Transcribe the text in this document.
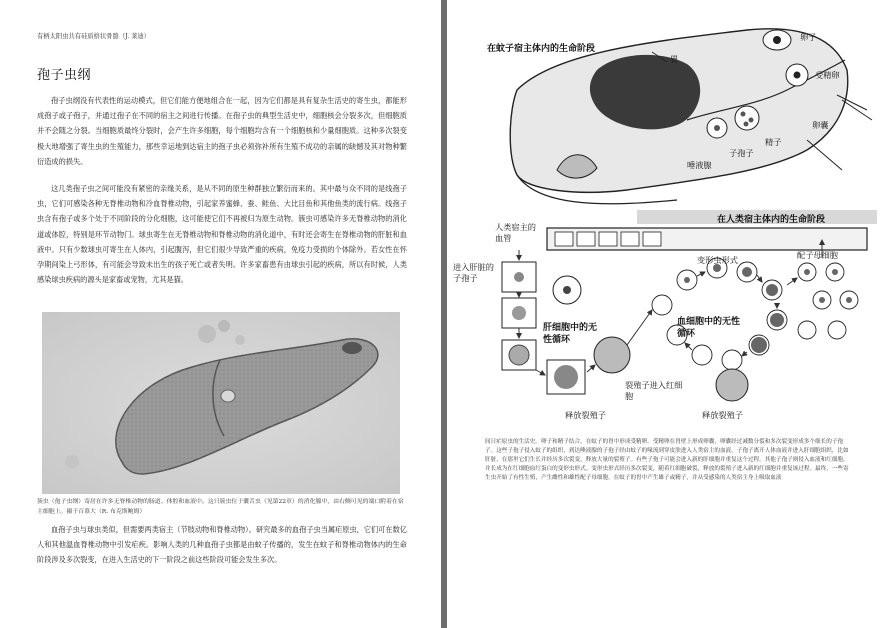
有柄太阳虫共有硅质格状骨骼（J. 莱迪）
孢子虫纲

孢子虫纲没有代表性的运动模式，但它们能方便地组合在一起，因为它们都是具有复杂生活史的寄生虫，都能形成孢子或子孢子，并通过孢子在不同的宿主之间进行传播。在孢子虫的典型生活史中，细胞核会分裂多次，但细胞质并不会随之分裂。当细胞质最终分裂时，会产生许多细胞，每个细胞均含有一个细胞核和少量细胞质。这种多次裂变极大地增强了寄生虫的生殖能力，那些幸运地到达宿主的孢子虫必须弥补所有生殖不成功的亲属的缺憾及其对物种繁衍造成的损失。

这几类孢子虫之间可能没有紧密的亲缘关系，是从不同的原生种群独立繁衍而来的。其中最与众不同的是线孢子虫，它们可感染各种无脊椎动物和冷血脊椎动物，引起家养蜜蜂、蚕、鲑鱼、大比目鱼和其他鱼类的流行病。线孢子虫含有孢子或多个处于不同阶段的分化细胞，这可能使它们不再被归为原生动物。簇虫可感染许多无脊椎动物的消化道或体腔，特别是环节动物门。球虫寄生在无脊椎动物和脊椎动物的消化道中，有时还会寄生在脊椎动物的肝脏和血液中。只有少数球虫可寄生在人体内，引起腹泻，但它们很少导致严重的疾病，免疫力受损的个体除外。若女性在怀孕期间染上弓形体，有可能会导致未出生的孩子死亡或者失明。许多家畜患有由球虫引起的疾病，所以有时候，人类感染球虫疾病的源头是家畜或宠物，尤其是猫。

簇虫（孢子虫纲）寄居在许多无脊椎动物的肠道、体腔和血液中。这只簇虫位于囊舌虫（见第22章）的消化腺中，由右侧可见的端口附着在宿主细胞上。摄于百慕大（R. 布克斯鲍姆）

血孢子虫与球虫类似，但需要两类宿主（节肢动物和脊椎动物）。研究最多的血孢子虫当属疟原虫，它们可在数亿人和其他温血脊椎动物中引发疟疾。影响人类的几种血孢子虫都是由蚊子传播的，发生在蚊子和脊椎动物体内的生命阶段涉及多次裂变，在进入生活史的下一阶段之前这些阶段可能会发生多次。

在蚊子宿主体内的生命阶段
胃
卵子
受精卵
卵囊
子孢子
精子
唾液腺
在人类宿主体内的生命阶段
人类宿主的血管
进入肝脏的子孢子
变形虫形式	配子母细胞
肝细胞中的无性循环
血细胞中的无性循环
裂殖子进入红细胞
释放裂殖子	释放裂殖子

间日疟原虫的生活史。卵子和精子结合，在蚊子的胃中形成受精卵。受精卵在胃壁上形成卵囊，卵囊经过减数分裂和多次裂变形成多个细长的子孢子。这些子孢子侵入蚊子的组织，到达唾液腺的子孢子经由蚊子的喙流到穿皮肤进入人类宿主的血液。子孢子离开人体血液并进入肝细胞组织，比如肝脏，在那里它们生长并经历多次裂变，释放大量的裂殖子。有些子孢子可能会进入新的肝细胞并重复这个过程。其他子孢子则侵入血液和红细胞，并长成为在红细胞血红蛋白的变形虫形式。变形虫形式经历多次裂变，随着红细胞破裂，释放的裂殖子进入新的红细胞并重复该过程。最终，一些寄生虫开始了有性生殖，产生雌性和雄性配子母细胞，在蚊子的胃中产生雄子或精子，并从受感染的人类宿主身上吸取血液
